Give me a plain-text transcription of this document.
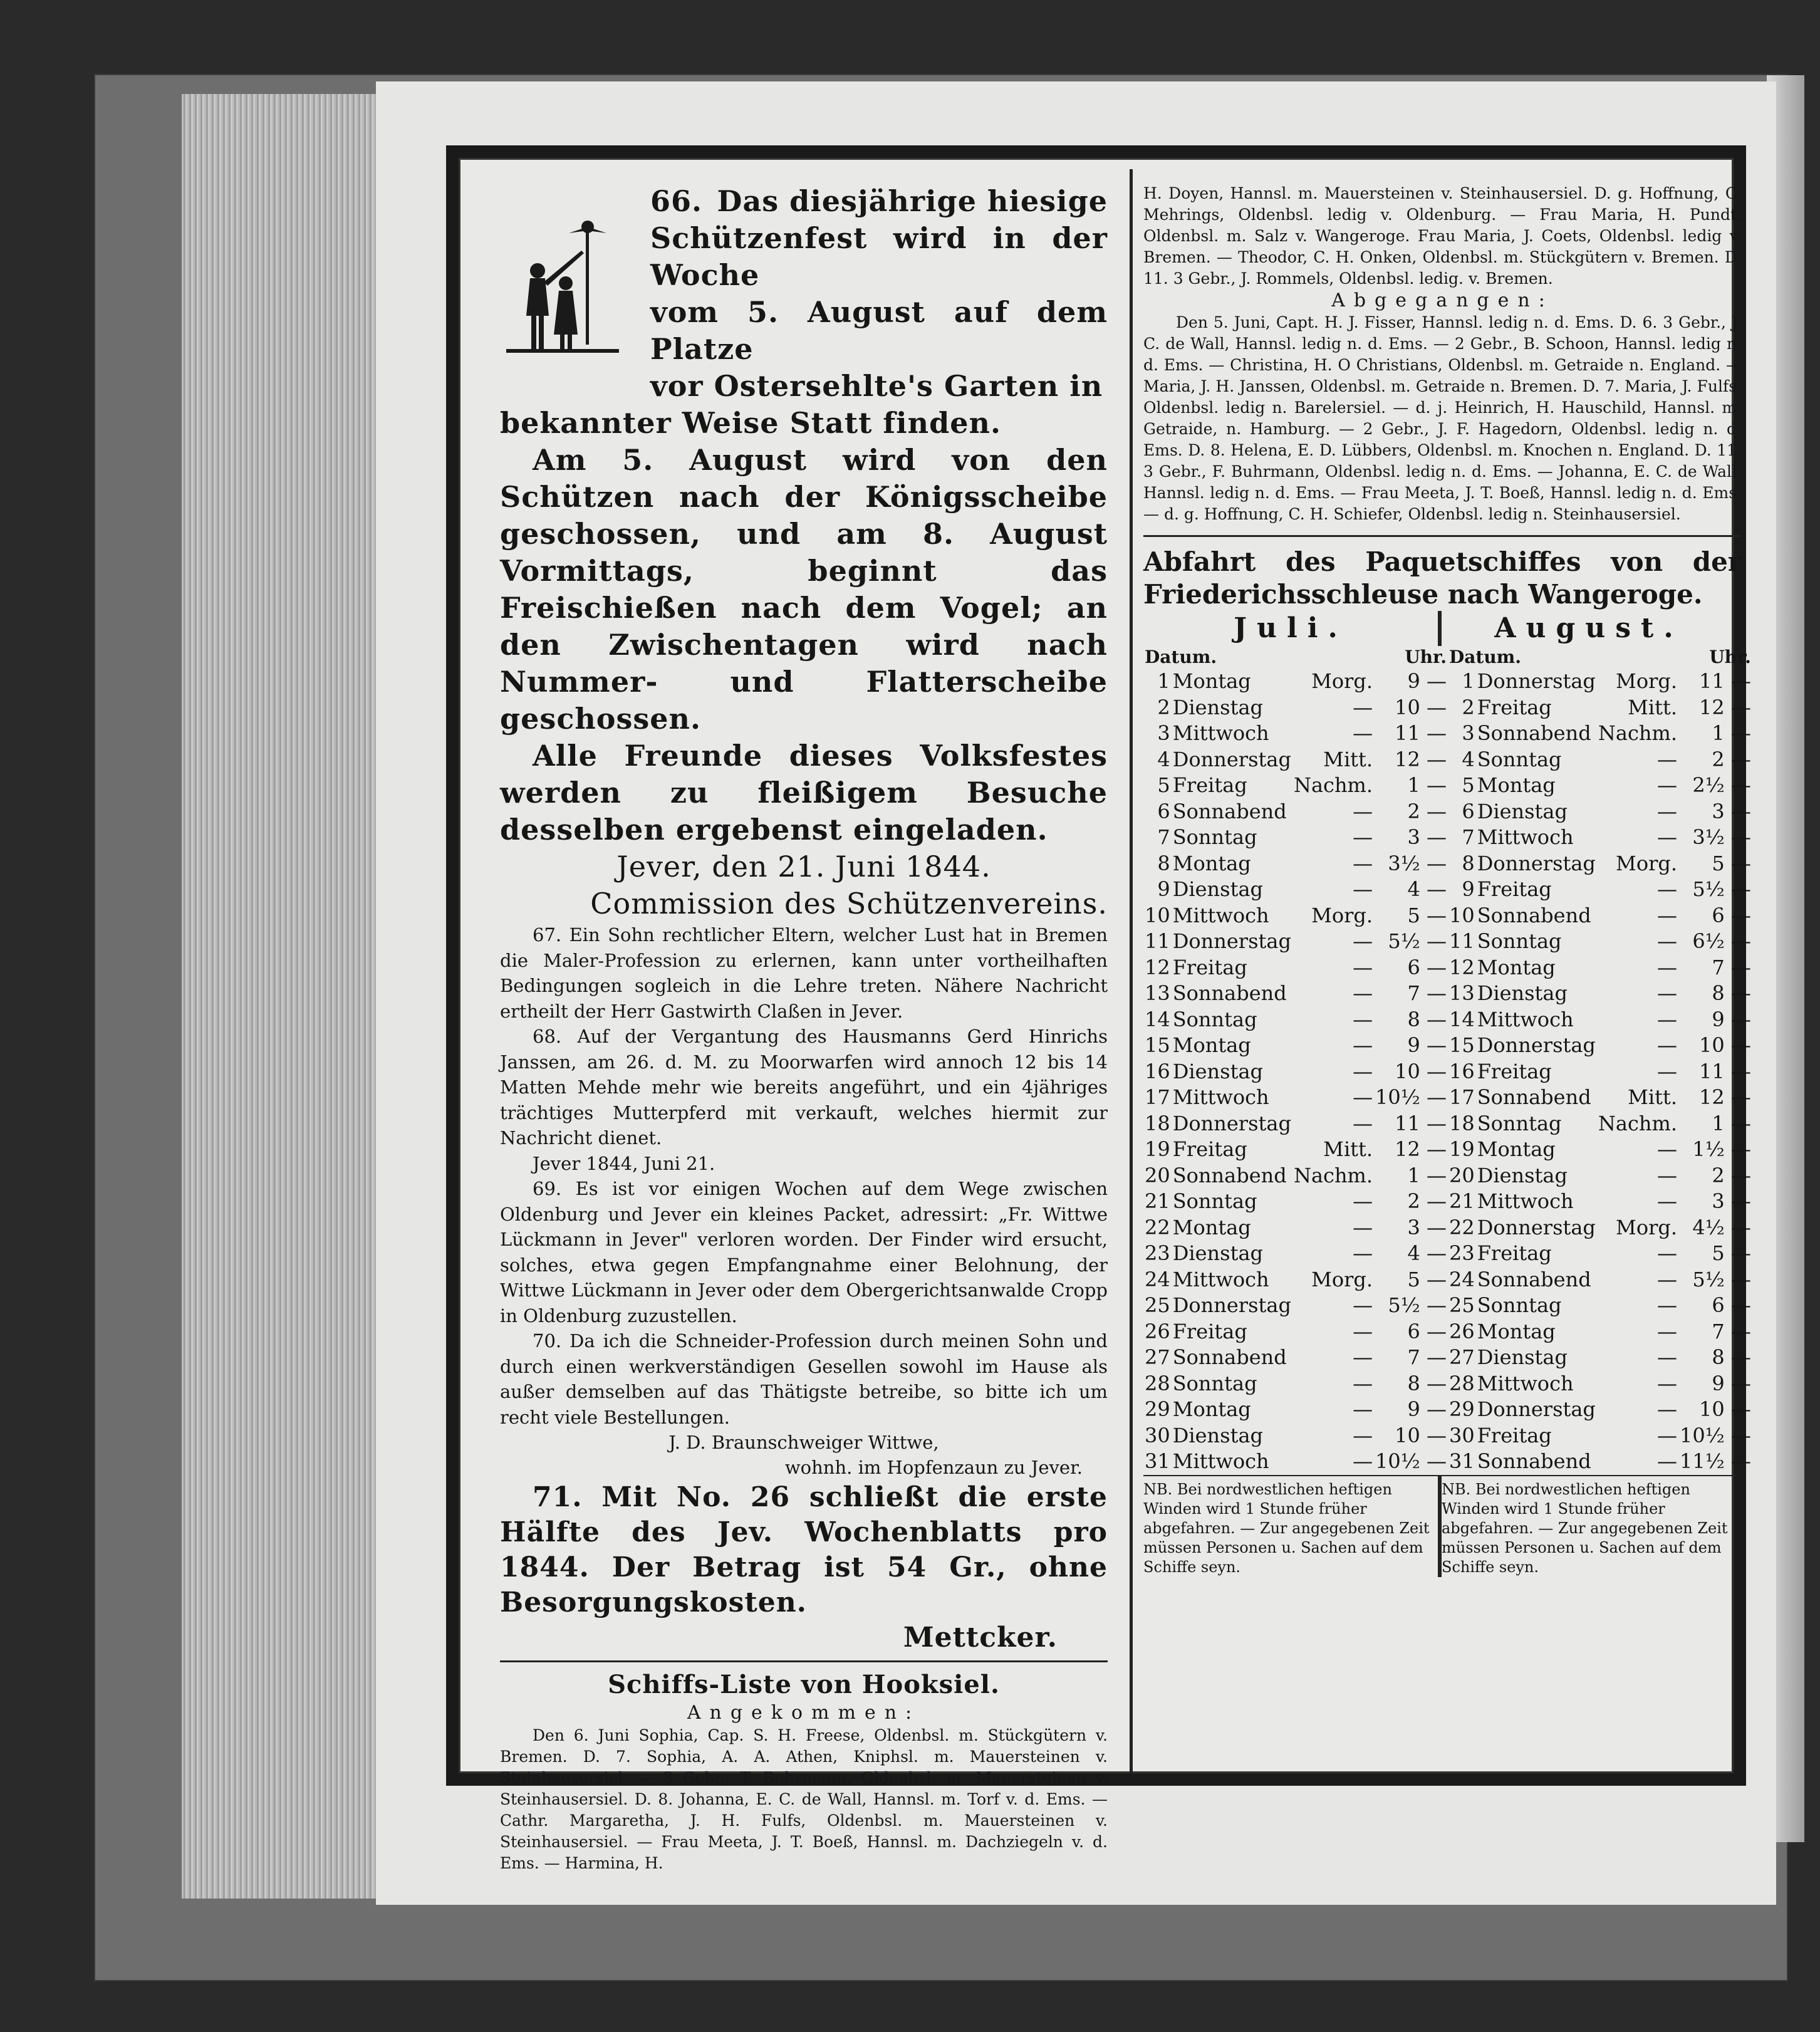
66. Das diesjährige hiesige
Schützenfest wird in der Woche
vom 5. August auf dem Platze
vor Ostersehlte's Garten in
bekannter Weise Statt finden.
Am 5. August wird von den Schützen nach der Königsscheibe geschossen, und am 8. August Vormittags, beginnt das Freischießen nach dem Vogel; an den Zwischentagen wird nach Nummer- und Flatterscheibe geschossen.
Alle Freunde dieses Volksfestes werden zu fleißigem Besuche desselben ergebenst eingeladen.
Jever, den 21. Juni 1844.
Commission des Schützenvereins.
67. Ein Sohn rechtlicher Eltern, welcher Lust hat in Bremen die Maler-Profession zu erlernen, kann unter vortheilhaften Bedingungen sogleich in die Lehre treten. Nähere Nachricht ertheilt der Herr Gastwirth Claßen in Jever.
68. Auf der Vergantung des Hausmanns Gerd Hinrichs Janssen, am 26. d. M. zu Moorwarfen wird annoch 12 bis 14 Matten Mehde mehr wie bereits angeführt, und ein 4jähriges trächtiges Mutterpferd mit verkauft, welches hiermit zur Nachricht dienet.
Jever 1844, Juni 21.
69. Es ist vor einigen Wochen auf dem Wege zwischen Oldenburg und Jever ein kleines Packet, adressirt: „Fr. Wittwe Lückmann in Jever" verloren worden. Der Finder wird ersucht, solches, etwa gegen Empfangnahme einer Belohnung, der Wittwe Lückmann in Jever oder dem Obergerichtsanwalde Cropp in Oldenburg zuzustellen.
70. Da ich die Schneider-Profession durch meinen Sohn und durch einen werkverständigen Gesellen sowohl im Hause als außer demselben auf das Thätigste betreibe, so bitte ich um recht viele Bestellungen.
J. D. Braunschweiger Wittwe,
wohnh. im Hopfenzaun zu Jever.
71. Mit No. 26 schließt die erste Hälfte des Jev. Wochenblatts pro 1844. Der Betrag ist 54 Gr., ohne Besorgungskosten.
Mettcker.
Schiffs-Liste von Hooksiel.
Angekommen:
Den 6. Juni Sophia, Cap. S. H. Freese, Oldenbsl. m. Stückgütern v. Bremen. D. 7. Sophia, A. A. Athen, Kniphsl. m. Mauersteinen v. Steinhausersiel. — 3 Gebr., T. Buhrmann, Oldenbsl. m. Mauersteinen v. Steinhausersiel. D. 8. Johanna, E. C. de Wall, Hannsl. m. Torf v. d. Ems. — Cathr. Margaretha, J. H. Fulfs, Oldenbsl. m. Mauersteinen v. Steinhausersiel. — Frau Meeta, J. T. Boeß, Hannsl. m. Dachziegeln v. d. Ems. — Harmina, H.
H. Doyen, Hannsl. m. Mauersteinen v. Steinhausersiel. D. g. Hoffnung, C. Mehrings, Oldenbsl. ledig v. Oldenburg. — Frau Maria, H. Pundt, Oldenbsl. m. Salz v. Wangeroge. Frau Maria, J. Coets, Oldenbsl. ledig v. Bremen. — Theodor, C. H. Onken, Oldenbsl. m. Stückgütern v. Bremen. D. 11. 3 Gebr., J. Rommels, Oldenbsl. ledig. v. Bremen.
Abgegangen:
Den 5. Juni, Capt. H. J. Fisser, Hannsl. ledig n. d. Ems. D. 6. 3 Gebr., J. C. de Wall, Hannsl. ledig n. d. Ems. — 2 Gebr., B. Schoon, Hannsl. ledig n. d. Ems. — Christina, H. O Christians, Oldenbsl. m. Getraide n. England. — Maria, J. H. Janssen, Oldenbsl. m. Getraide n. Bremen. D. 7. Maria, J. Fulfs, Oldenbsl. ledig n. Barelersiel. — d. j. Heinrich, H. Hauschild, Hannsl. m. Getraide, n. Hamburg. — 2 Gebr., J. F. Hagedorn, Oldenbsl. ledig n. d. Ems. D. 8. Helena, E. D. Lübbers, Oldenbsl. m. Knochen n. England. D. 11. 3 Gebr., F. Buhrmann, Oldenbsl. ledig n. d. Ems. — Johanna, E. C. de Wall, Hannsl. ledig n. d. Ems. — Frau Meeta, J. T. Boeß, Hannsl. ledig n. d. Ems. — d. g. Hoffnung, C. H. Schiefer, Oldenbsl. ledig n. Steinhausersiel.
Abfahrt des Paquetschiffes von der Friederichsschleuse nach Wangeroge.
Juli.	August.
Datum.			Uhr.
1	Montag	Morg.	9 —
2	Dienstag	—	10 —
3	Mittwoch	—	11 —
4	Donnerstag	Mitt.	12 —
5	Freitag	Nachm.	1 —
6	Sonnabend	—	2 —
7	Sonntag	—	3 —
8	Montag	—	3½ —
9	Dienstag	—	4 —
10	Mittwoch	Morg.	5 —
11	Donnerstag	—	5½ —
12	Freitag	—	6 —
13	Sonnabend	—	7 —
14	Sonntag	—	8 —
15	Montag	—	9 —
16	Dienstag	—	10 —
17	Mittwoch	—	10½ —
18	Donnerstag	—	11 —
19	Freitag	Mitt.	12 —
20	Sonnabend	Nachm.	1 —
21	Sonntag	—	2 —
22	Montag	—	3 —
23	Dienstag	—	4 —
24	Mittwoch	Morg.	5 —
25	Donnerstag	—	5½ —
26	Freitag	—	6 —
27	Sonnabend	—	7 —
28	Sonntag	—	8 —
29	Montag	—	9 —
30	Dienstag	—	10 —
31	Mittwoch	—	10½ —
Datum.			Uhr.
1	Donnerstag	Morg.	11 —
2	Freitag	Mitt.	12 —
3	Sonnabend	Nachm.	1 —
4	Sonntag	—	2 —
5	Montag	—	2½ —
6	Dienstag	—	3 —
7	Mittwoch	—	3½ —
8	Donnerstag	Morg.	5 —
9	Freitag	—	5½ —
10	Sonnabend	—	6 —
11	Sonntag	—	6½ —
12	Montag	—	7 —
13	Dienstag	—	8 —
14	Mittwoch	—	9 —
15	Donnerstag	—	10 —
16	Freitag	—	11 —
17	Sonnabend	Mitt.	12 —
18	Sonntag	Nachm.	1 —
19	Montag	—	1½ —
20	Dienstag	—	2 —
21	Mittwoch	—	3 —
22	Donnerstag	Morg.	4½ —
23	Freitag	—	5 —
24	Sonnabend	—	5½ —
25	Sonntag	—	6 —
26	Montag	—	7 —
27	Dienstag	—	8 —
28	Mittwoch	—	9 —
29	Donnerstag	—	10 —
30	Freitag	—	10½ —
31	Sonnabend	—	11½ —
NB. Bei nordwestlichen heftigen Winden wird 1 Stunde früher abgefahren. — Zur angegebenen Zeit müssen Personen u. Sachen auf dem Schiffe seyn.
NB. Bei nordwestlichen heftigen Winden wird 1 Stunde früher abgefahren. — Zur angegebenen Zeit müssen Personen u. Sachen auf dem Schiffe seyn.
